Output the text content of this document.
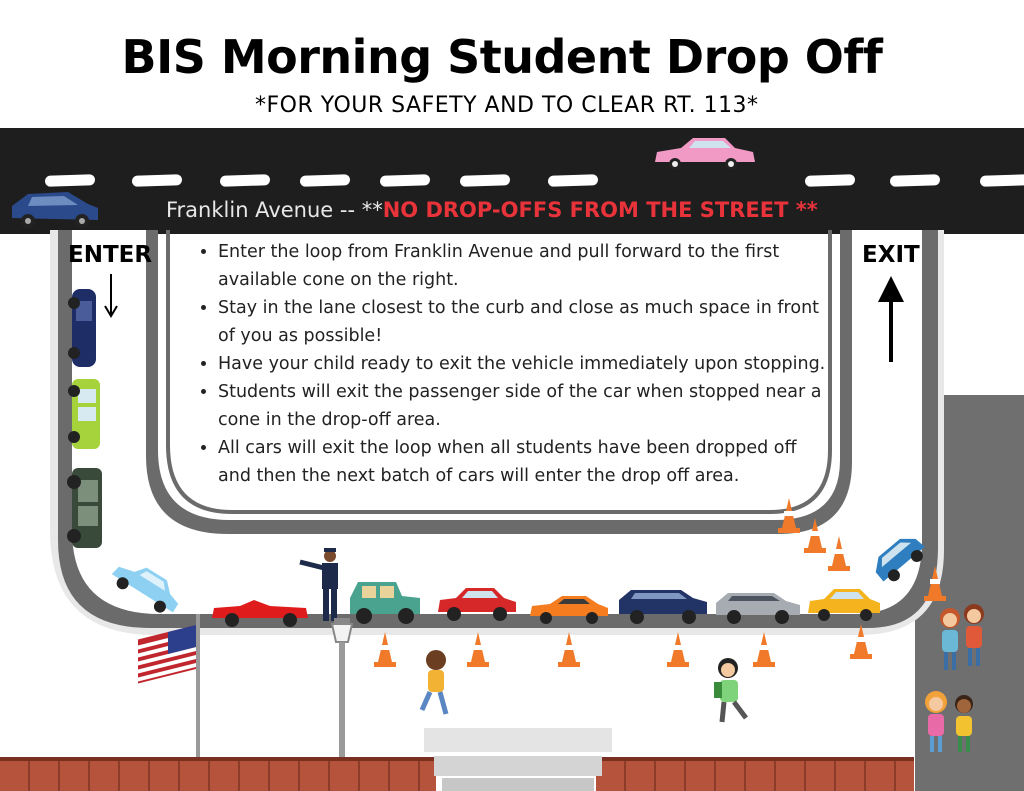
BIS Morning Student Drop Off
*FOR YOUR SAFETY AND TO CLEAR RT. 113*
Franklin Avenue -- **NO DROP-OFFS FROM THE STREET **
ENTER	EXIT
• Enter the loop from Franklin Avenue and pull forward to the first available cone on the right.
• Stay in the lane closest to the curb and close as much space in front of you as possible!
• Have your child ready to exit the vehicle immediately upon stopping.
• Students will exit the passenger side of the car when stopped near a cone in the drop-off area.
• All cars will exit the loop when all students have been dropped off and then the next batch of cars will enter the drop off area.
